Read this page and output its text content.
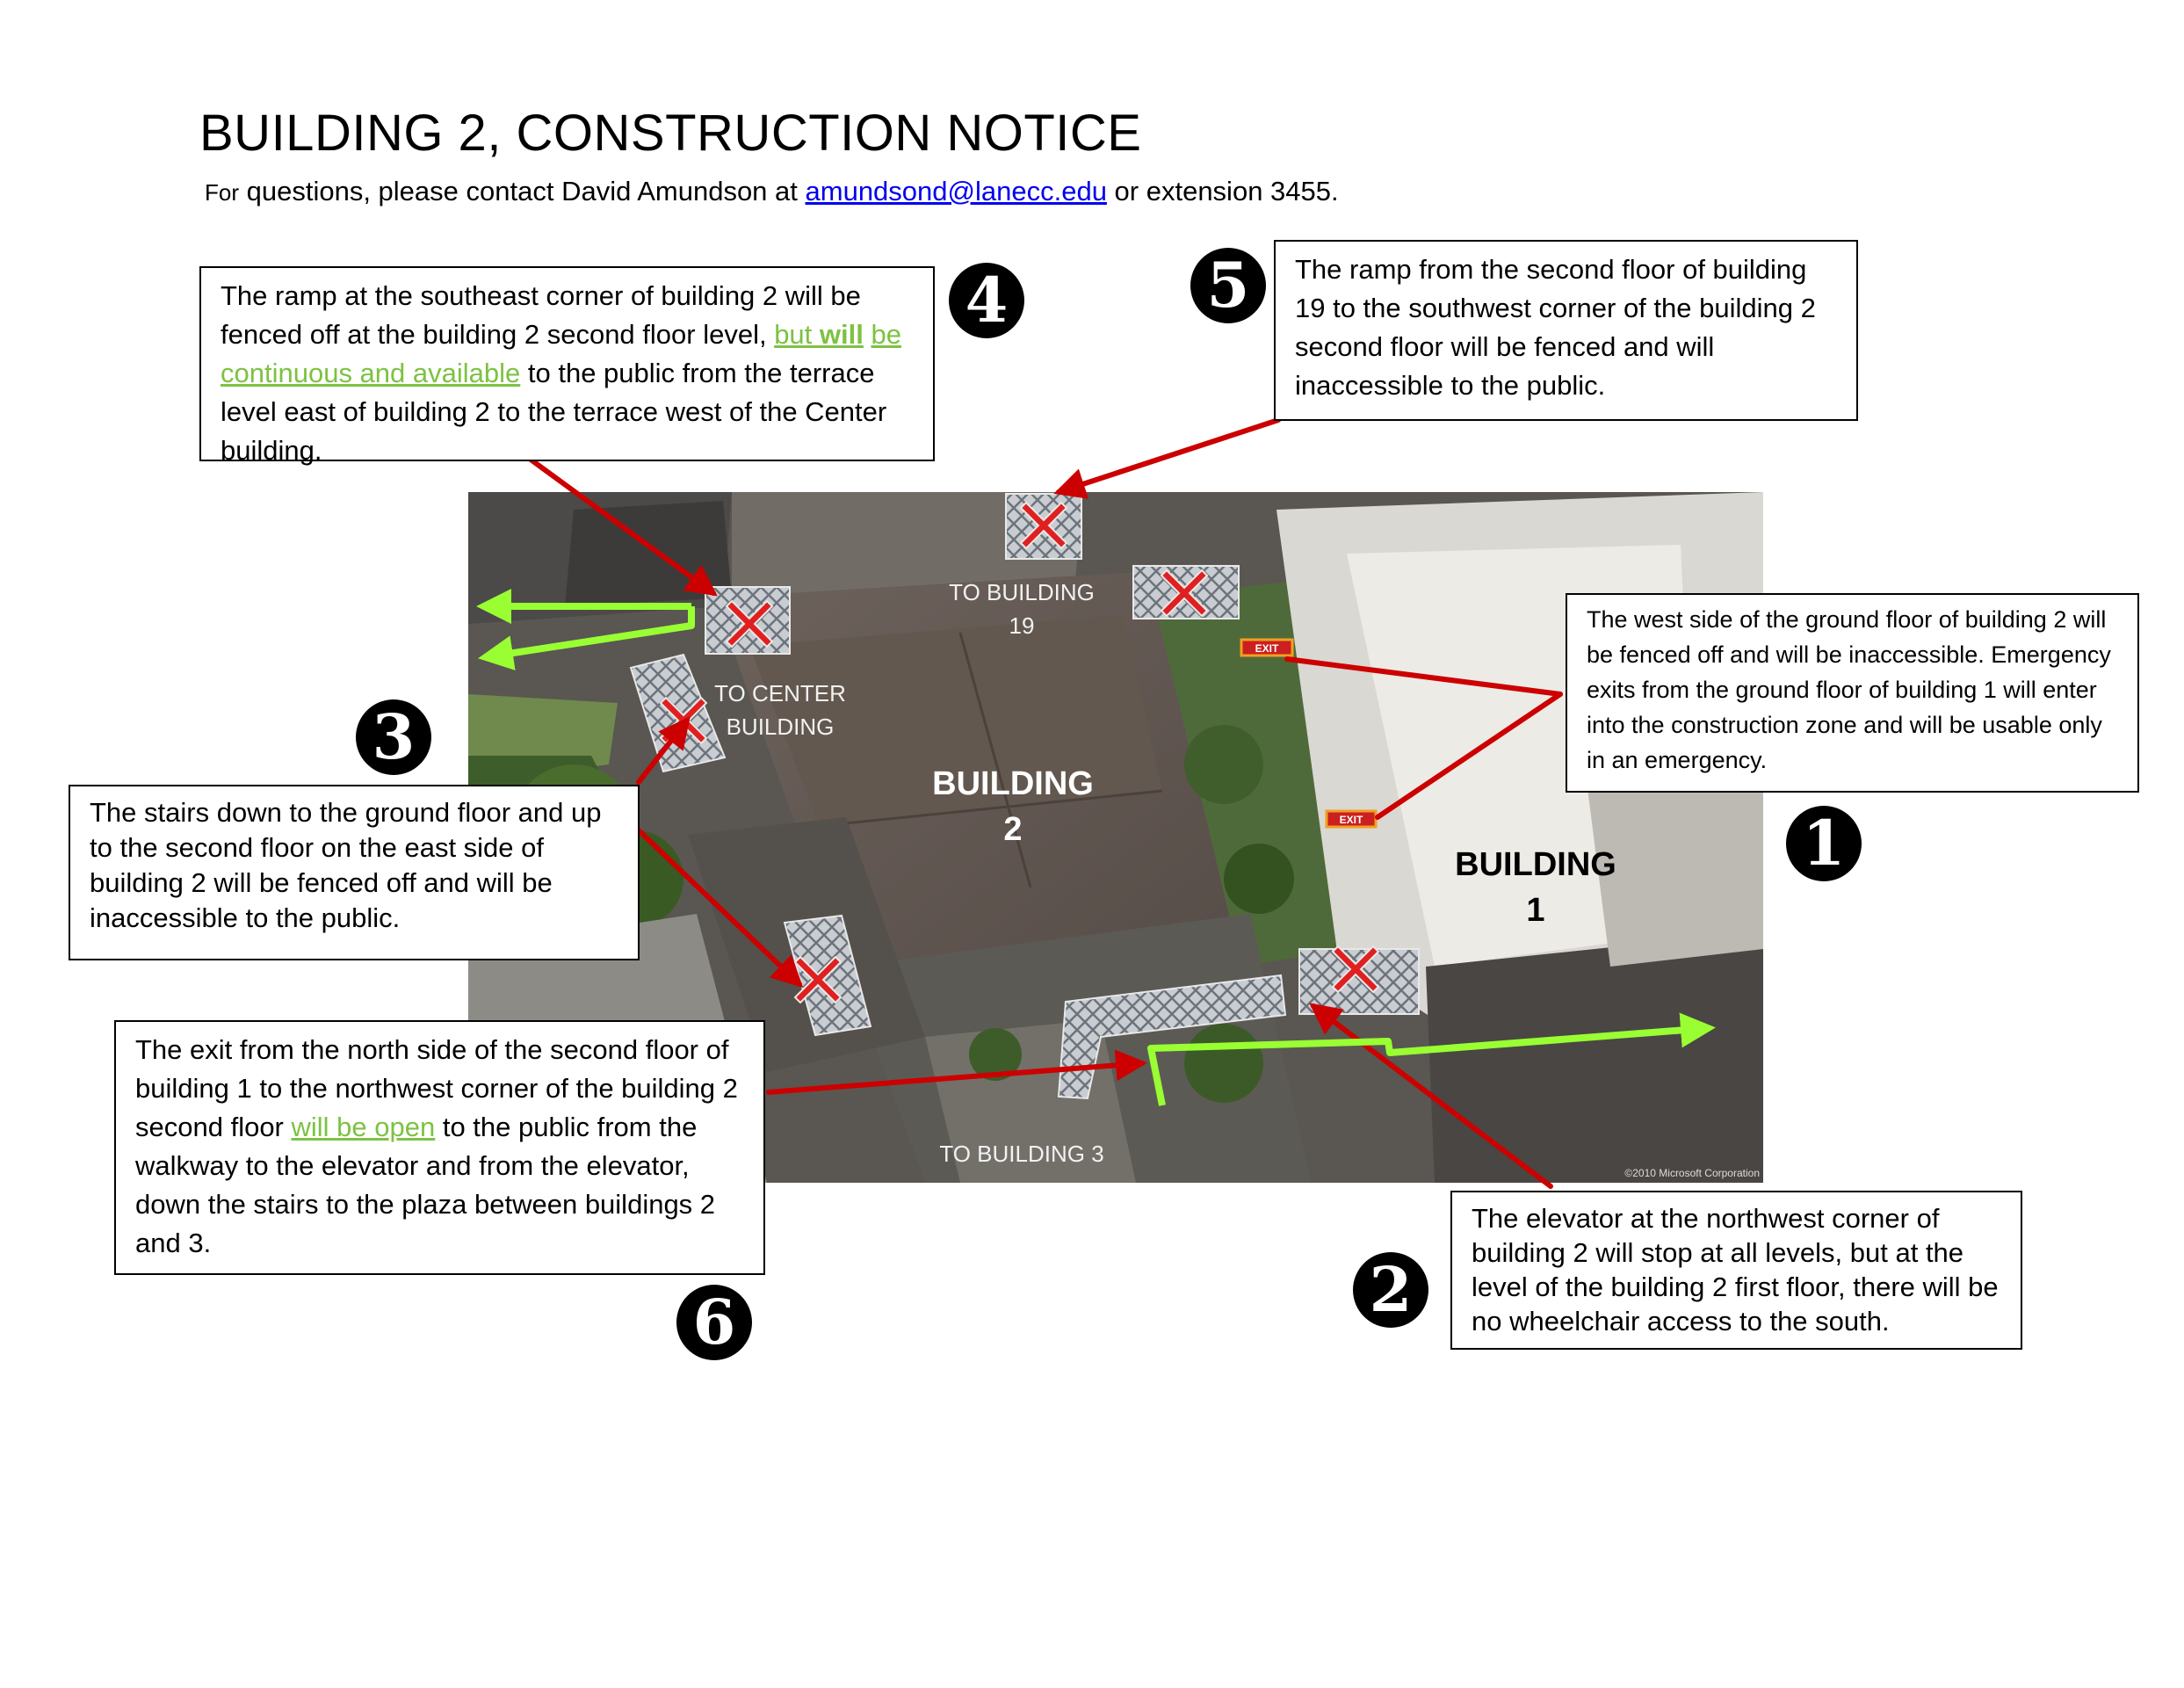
BUILDING 2, CONSTRUCTION NOTICE
For questions, please contact David Amundson at amundsond@lanecc.edu or extension 3455.
EXIT
EXIT
TO BUILDING
19
TO CENTER
BUILDING
TO BUILDING 3
BUILDING
2
BUILDING
1
©2010 Microsoft Corporation
The ramp at the southeast corner of building 2 will be fenced off at the building 2 second floor level, but will be continuous and available to the public from the terrace level east of building 2 to the terrace west of the Center building.
The ramp from the second floor of building 19 to the southwest corner of the building 2 second floor will be fenced and will inaccessible to the public.
The west side of the ground floor of building 2 will be fenced off and will be inaccessible. Emergency exits from the ground floor of building 1 will enter into the construction zone and will be usable only in an emergency.
The stairs down to the ground floor and up to the second floor on the east side of building 2 will be fenced off and will be inaccessible to the public.
The exit from the north side of the second floor of building 1 to the northwest corner of the building 2 second floor will be open to the public from the walkway to the elevator and from the elevator, down the stairs to the plaza between buildings 2 and 3.
The elevator at the northwest corner of building 2 will stop at all levels, but at the level of the building 2 first floor, there will be no wheelchair access to the south.
4	5
3
1
2
6
